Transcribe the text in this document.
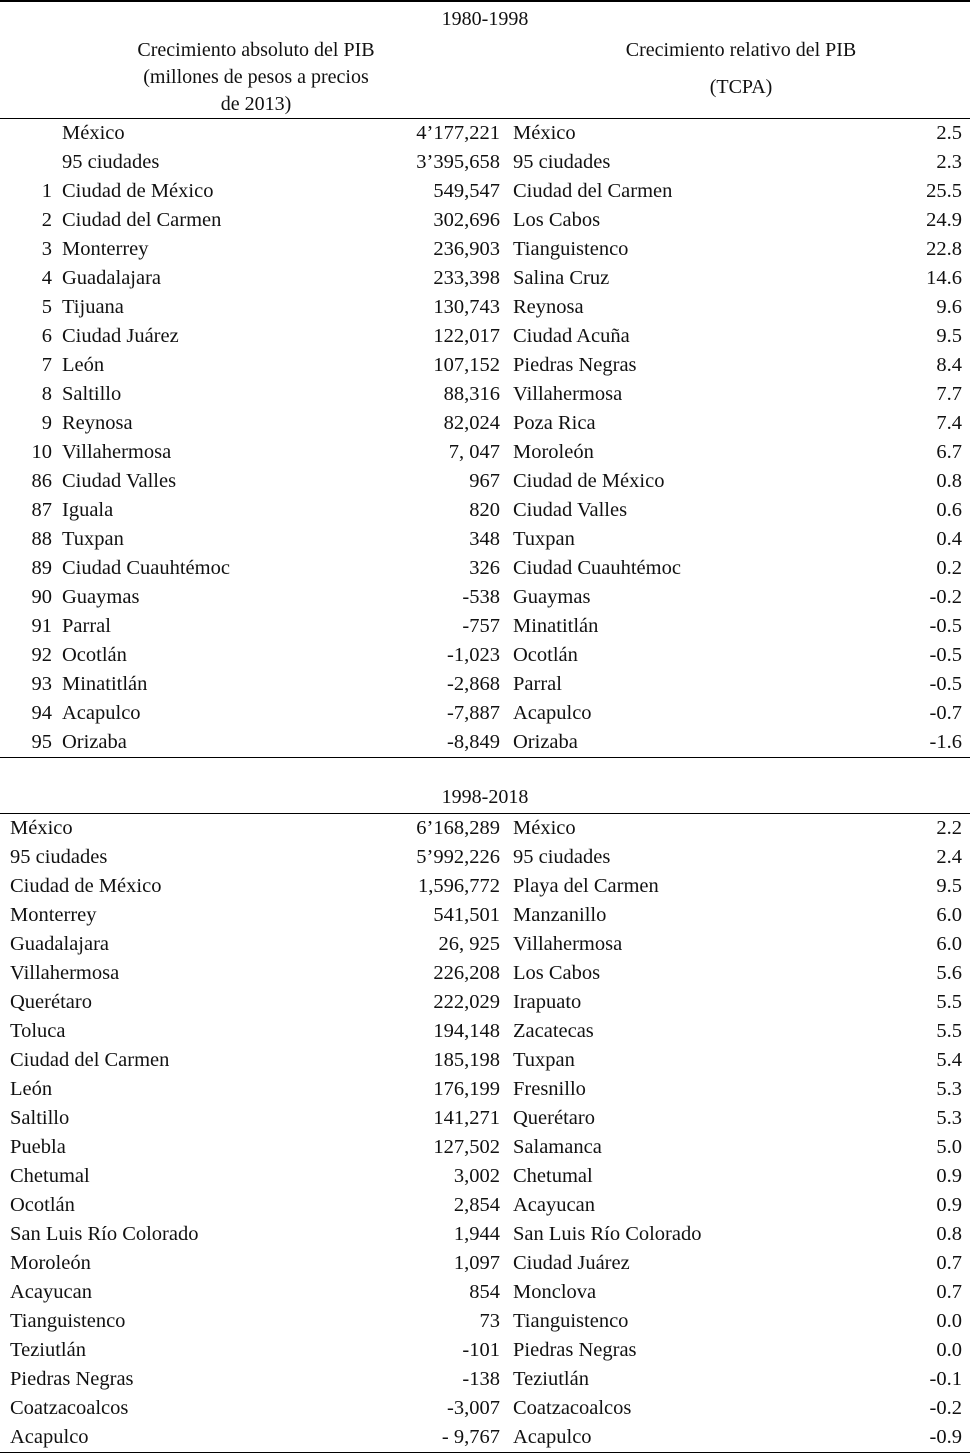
1980-1998
Crecimiento absoluto del PIB
(millones de pesos a precios
de 2013)
Crecimiento relativo del PIB
(TCPA)
México	4’177,221 México	2.5
95 ciudades	3’395,658 95 ciudades	2.3
1 Ciudad de México	549,547 Ciudad del Carmen	25.5
2 Ciudad del Carmen	302,696 Los Cabos	24.9
3 Monterrey	236,903 Tianguistenco	22.8
4 Guadalajara	233,398 Salina Cruz	14.6
5 Tijuana	130,743 Reynosa	9.6
6 Ciudad Juárez	122,017 Ciudad Acuña	9.5
7 León	107,152 Piedras Negras	8.4
8 Saltillo	88,316 Villahermosa	7.7
9 Reynosa	82,024 Poza Rica	7.4
10 Villahermosa	7, 047 Moroleón	6.7
86 Ciudad Valles	967 Ciudad de México	0.8
87 Iguala	820 Ciudad Valles	0.6
88 Tuxpan	348 Tuxpan	0.4
89 Ciudad Cuauhtémoc	326 Ciudad Cuauhtémoc	0.2
90 Guaymas	-538 Guaymas	-0.2
91 Parral	-757 Minatitlán	-0.5
92 Ocotlán	-1,023 Ocotlán	-0.5
93 Minatitlán	-2,868 Parral	-0.5
94 Acapulco	-7,887 Acapulco	-0.7
95 Orizaba	-8,849 Orizaba	-1.6
1998-2018
México	6’168,289 México	2.2
95 ciudades	5’992,226 95 ciudades	2.4
Ciudad de México	1,596,772 Playa del Carmen	9.5
Monterrey	541,501 Manzanillo	6.0
Guadalajara	26, 925 Villahermosa	6.0
Villahermosa	226,208 Los Cabos	5.6
Querétaro	222,029 Irapuato	5.5
Toluca	194,148 Zacatecas	5.5
Ciudad del Carmen	185,198 Tuxpan	5.4
León	176,199 Fresnillo	5.3
Saltillo	141,271 Querétaro	5.3
Puebla	127,502 Salamanca	5.0
Chetumal	3,002 Chetumal	0.9
Ocotlán	2,854 Acayucan	0.9
San Luis Río Colorado	1,944 San Luis Río Colorado	0.8
Moroleón	1,097 Ciudad Juárez	0.7
Acayucan	854 Monclova	0.7
Tianguistenco	73 Tianguistenco	0.0
Teziutlán	-101 Piedras Negras	0.0
Piedras Negras	-138 Teziutlán	-0.1
Coatzacoalcos	-3,007 Coatzacoalcos	-0.2
Acapulco	- 9,767 Acapulco	-0.9
